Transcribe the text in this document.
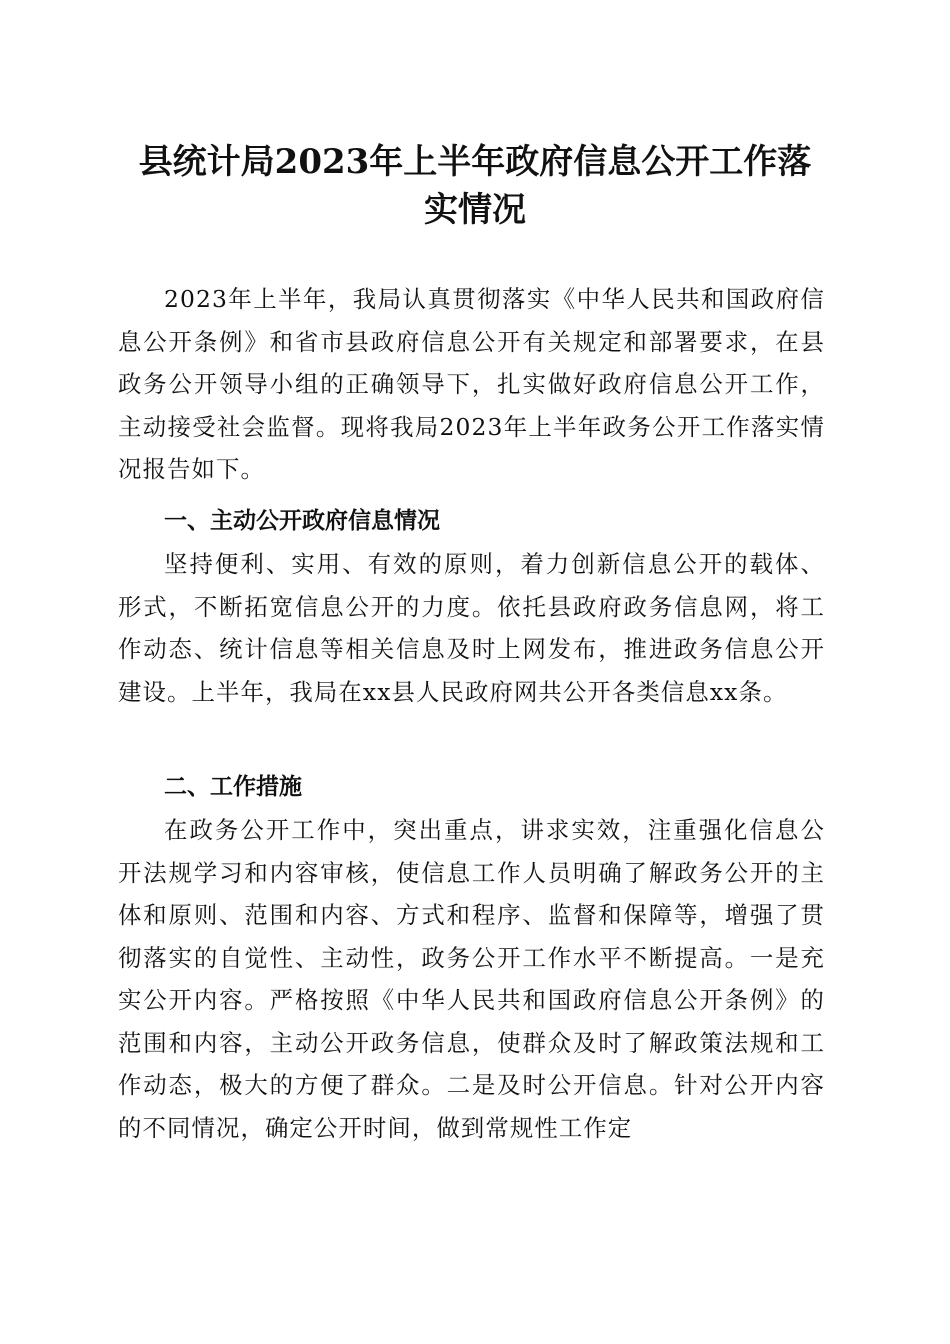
县统计局2023年上半年政府信息公开工作落
实情况

2023年上半年，我局认真贯彻落实《中华人民共和国政府信息公开条例》和省市县政府信息公开有关规定和部署要求，在县政务公开领导小组的正确领导下，扎实做好政府信息公开工作，主动接受社会监督。现将我局2023年上半年政务公开工作落实情况报告如下。

一、主动公开政府信息情况

坚持便利、实用、有效的原则，着力创新信息公开的载体、形式，不断拓宽信息公开的力度。依托县政府政务信息网，将工作动态、统计信息等相关信息及时上网发布，推进政务信息公开建设。上半年，我局在xx县人民政府网共公开各类信息xx条。

二、工作措施

在政务公开工作中，突出重点，讲求实效，注重强化信息公开法规学习和内容审核，使信息工作人员明确了解政务公开的主体和原则、范围和内容、方式和程序、监督和保障等，增强了贯彻落实的自觉性、主动性，政务公开工作水平不断提高。一是充实公开内容。严格按照《中华人民共和国政府信息公开条例》的范围和内容，主动公开政务信息，使群众及时了解政策法规和工作动态，极大的方便了群众。二是及时公开信息。针对公开内容的不同情况，确定公开时间，做到常规性工作定
